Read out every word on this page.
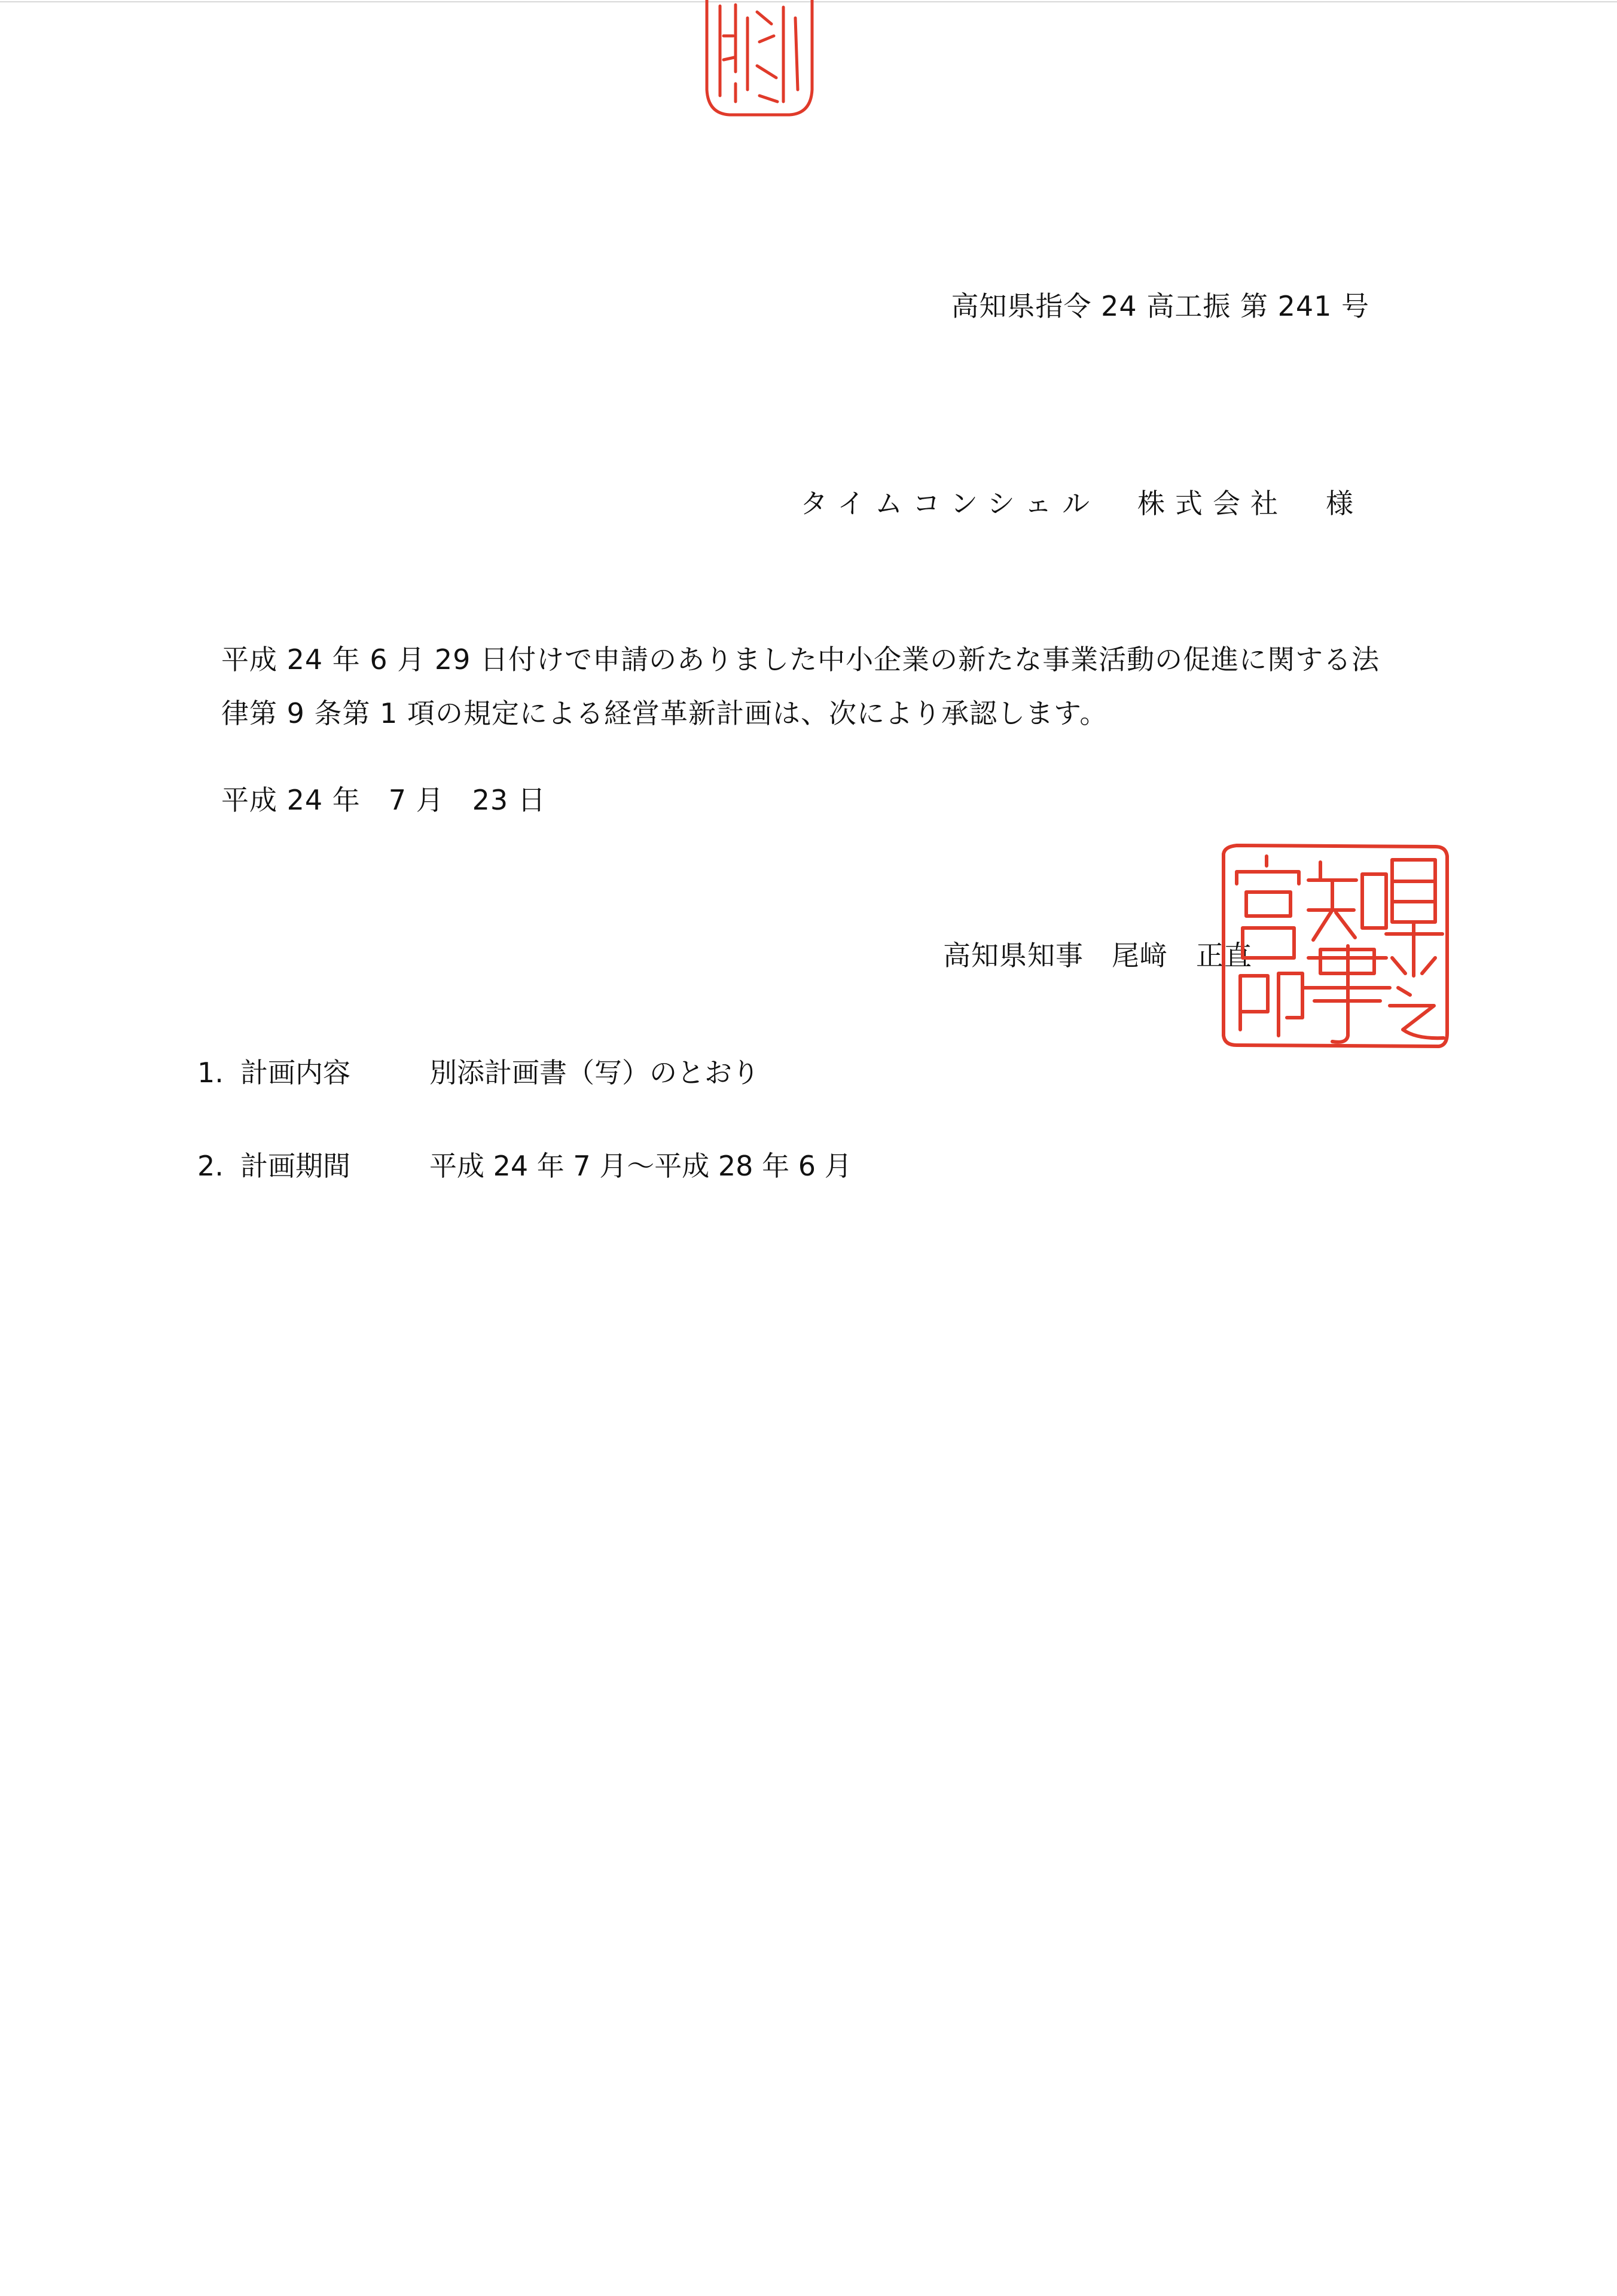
高知県指令 24 高工振 第 241 号
タイムコンシェル　株式会社　様
平成 24 年 6 月 29 日付けで申請のありました中小企業の新たな事業活動の促進に関する法律第 9 条第 1 項の規定による経営革新計画は、次により承認します。
平成 24 年　7 月　23 日
高知県知事　尾﨑　正直
1. 計画内容	別添計画書（写）のとおり
2. 計画期間	平成 24 年 7 月～平成 28 年 6 月
